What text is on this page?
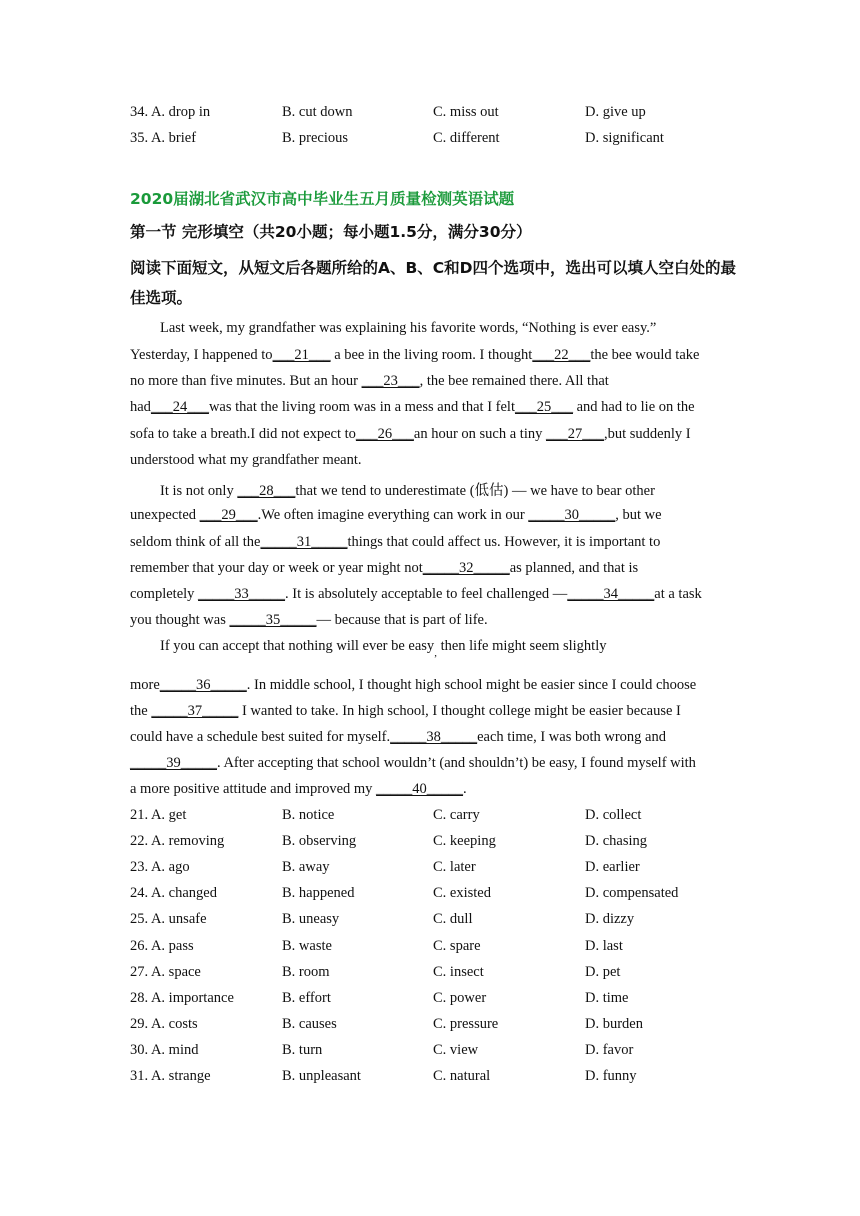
34. A. drop in	B. cut down	C. miss out	D. give up
35. A. brief	B. precious	C. different	D. significant
2020届湖北省武汉市高中毕业生五月质量检测英语试题
第一节 完形填空（共20小题；每小题1.5分，满分30分）
阅读下面短文，从短文后各题所给的A、B、C和D四个选项中，选出可以填人空白处的最佳选项。
Last week, my grandfather was explaining his favorite words, “Nothing is ever easy.”
Yesterday, I happened to___21___ a bee in the living room. I thought___22___the bee would take
no more than five minutes. But an hour ___23___, the bee remained there. All that
had___24___was that the living room was in a mess and that I felt___25___ and had to lie on the
sofa to take a breath.I did not expect to___26___an hour on such a tiny ___27___,but suddenly I
understood what my grandfather meant.
It is not only ___28___that we tend to underestimate (低估) — we have to bear other
unexpected ___29___.We often imagine everything can work in our _____30_____, but we
seldom think of all the_____31_____things that could affect us. However, it is important to
remember that your day or week or year might not_____32_____as planned, and that is
completely _____33_____. It is absolutely acceptable to feel challenged —_____34_____at a task
you thought was _____35_____— because that is part of life.
If you can accept that nothing will ever be easy$_,$ then life might seem slightly
more_____36_____. In middle school, I thought high school might be easier since I could choose
the _____37_____ I wanted to take. In high school, I thought college might be easier because I
could have a schedule best suited for myself._____38_____each time, I was both wrong and
_____39_____. After accepting that school wouldn’t (and shouldn’t) be easy, I found myself with
a more positive attitude and improved my _____40_____.
21. A. get	B. notice	C. carry	D. collect
22. A. removing	B. observing	C. keeping	D. chasing
23. A. ago	B. away	C. later	D. earlier
24. A. changed	B. happened	C. existed	D. compensated
25. A. unsafe	B. uneasy	C. dull	D. dizzy
26. A. pass	B. waste	C. spare	D. last
27. A. space	B. room	C. insect	D. pet
28. A. importance	B. effort	C. power	D. time
29. A. costs	B. causes	C. pressure	D. burden
30. A. mind	B. turn	C. view	D. favor
31. A. strange	B. unpleasant	C. natural	D. funny
